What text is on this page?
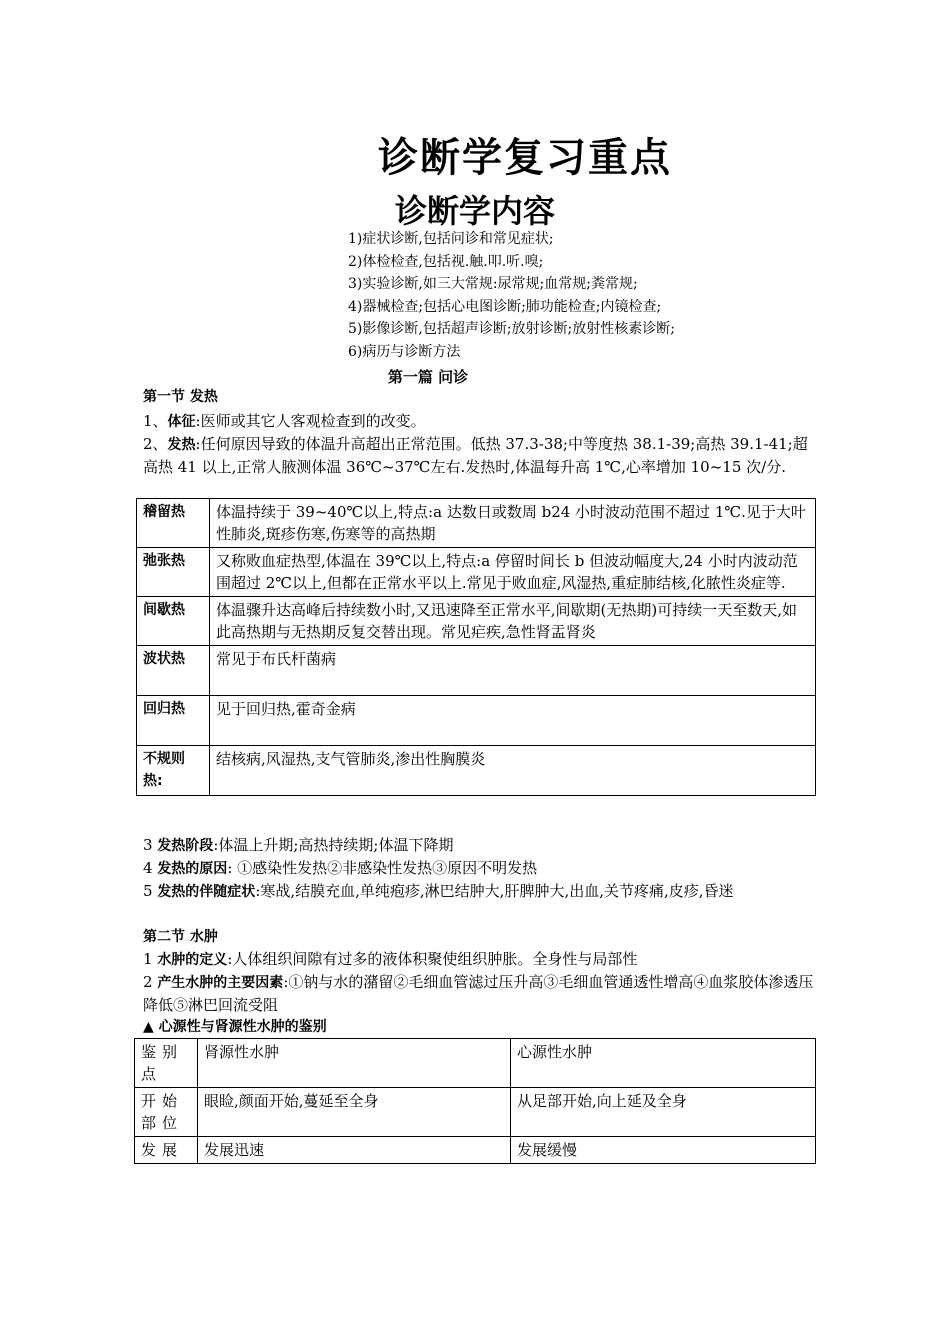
诊断学复习重点
诊断学内容
1)症状诊断,包括问诊和常见症状;
2)体检检查,包括视.触.叩.听.嗅;
3)实验诊断,如三大常规:尿常规;血常规;粪常规;
4)器械检查;包括心电图诊断;肺功能检查;内镜检查;
5)影像诊断,包括超声诊断;放射诊断;放射性核素诊断;
6)病历与诊断方法
第一篇 问诊
第一节 发热
1、体征:医师或其它人客观检查到的改变。
2、发热:任何原因导致的体温升高超出正常范围。低热 37.3-38;中等度热 38.1-39;高热 39.1-41;超高热 41 以上,正常人腋测体温 36℃~37℃左右.发热时,体温每升高 1℃,心率增加 10~15 次/分.
稽留热	体温持续于 39~40℃以上,特点:a 达数日或数周 b24 小时波动范围不超过 1℃.见于大叶性肺炎,斑疹伤寒,伤寒等的高热期
弛张热	又称败血症热型,体温在 39℃以上,特点:a 停留时间长 b 但波动幅度大,24 小时内波动范围超过 2℃以上,但都在正常水平以上.常见于败血症,风湿热,重症肺结核,化脓性炎症等.
间歇热	体温骤升达高峰后持续数小时,又迅速降至正常水平,间歇期(无热期)可持续一天至数天,如此高热期与无热期反复交替出现。常见疟疾,急性肾盂肾炎
波状热	常见于布氏杆菌病
回归热	见于回归热,霍奇金病
不规则热:	结核病,风湿热,支气管肺炎,渗出性胸膜炎
3 发热阶段:体温上升期;高热持续期;体温下降期
4 发热的原因: ①感染性发热②非感染性发热③原因不明发热
5 发热的伴随症状:寒战,结膜充血,单纯疱疹,淋巴结肿大,肝脾肿大,出血,关节疼痛,皮疹,昏迷
第二节 水肿
1 水肿的定义:人体组织间隙有过多的液体积聚使组织肿胀。全身性与局部性
2 产生水肿的主要因素:①钠与水的潴留②毛细血管滤过压升高③毛细血管通透性增高④血浆胶体渗透压降低⑤淋巴回流受阻
▲ 心源性与肾源性水肿的鉴别
鉴别点	肾源性水肿	心源性水肿
开始部位	眼睑,颜面开始,蔓延至全身	从足部开始,向上延及全身
发展	发展迅速	发展缓慢
